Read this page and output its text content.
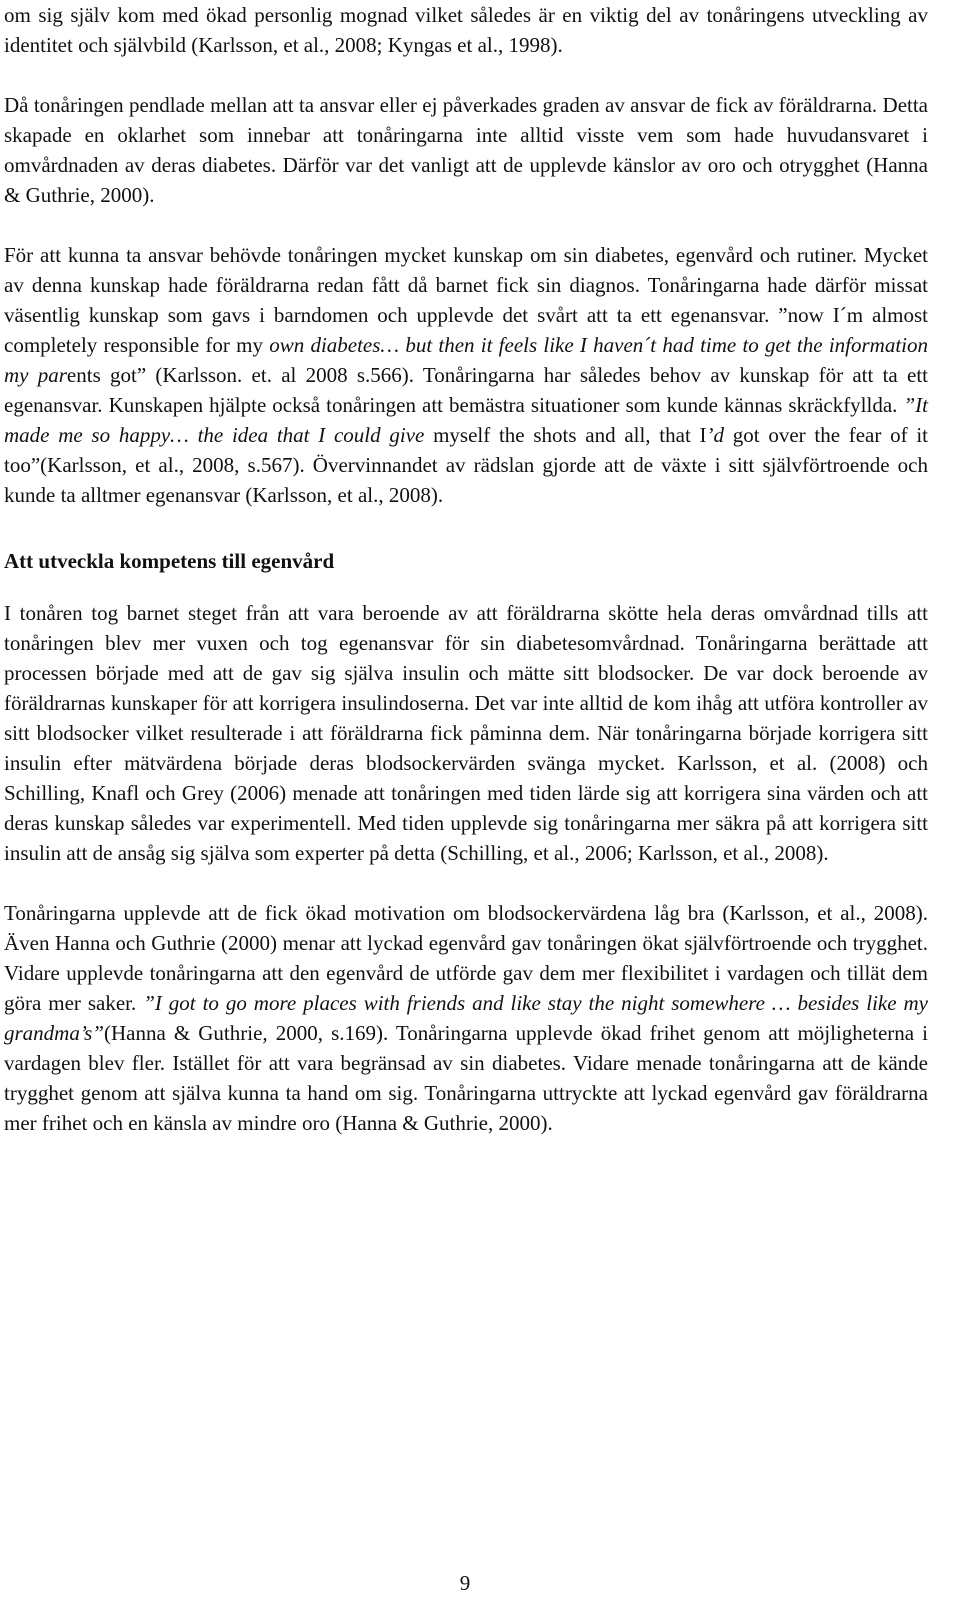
om sig själv kom med ökad personlig mognad vilket således är en viktig del av tonåringens utveckling av identitet och självbild (Karlsson, et al., 2008; Kyngas et al., 1998).

Då tonåringen pendlade mellan att ta ansvar eller ej påverkades graden av ansvar de fick av föräldrarna. Detta skapade en oklarhet som innebar att tonåringarna inte alltid visste vem som hade huvudansvaret i omvårdnaden av deras diabetes. Därför var det vanligt att de upplevde känslor av oro och otrygghet (Hanna & Guthrie, 2000).

För att kunna ta ansvar behövde tonåringen mycket kunskap om sin diabetes, egenvård och rutiner. Mycket av denna kunskap hade föräldrarna redan fått då barnet fick sin diagnos. Tonåringarna hade därför missat väsentlig kunskap som gavs i barndomen och upplevde det svårt att ta ett egenansvar. ”now I´m almost completely responsible for my own diabetes… but then it feels like I haven´t had time to get the information my parents got” (Karlsson. et. al 2008 s.566). Tonåringarna har således behov av kunskap för att ta ett egenansvar. Kunskapen hjälpte också tonåringen att bemästra situationer som kunde kännas skräckfyllda. ”It made me so happy… the idea that I could give myself the shots and all, that I’d got over the fear of it too”(Karlsson, et al., 2008, s.567). Övervinnandet av rädslan gjorde att de växte i sitt självförtroende och kunde ta alltmer egenansvar (Karlsson, et al., 2008).

Att utveckla kompetens till egenvård

I tonåren tog barnet steget från att vara beroende av att föräldrarna skötte hela deras omvårdnad tills att tonåringen blev mer vuxen och tog egenansvar för sin diabetesomvårdnad. Tonåringarna berättade att processen började med att de gav sig själva insulin och mätte sitt blodsocker. De var dock beroende av föräldrarnas kunskaper för att korrigera insulindoserna. Det var inte alltid de kom ihåg att utföra kontroller av sitt blodsocker vilket resulterade i att föräldrarna fick påminna dem. När tonåringarna började korrigera sitt insulin efter mätvärdena började deras blodsockervärden svänga mycket. Karlsson, et al. (2008) och Schilling, Knafl och Grey (2006) menade att tonåringen med tiden lärde sig att korrigera sina värden och att deras kunskap således var experimentell. Med tiden upplevde sig tonåringarna mer säkra på att korrigera sitt insulin att de ansåg sig själva som experter på detta (Schilling, et al., 2006; Karlsson, et al., 2008).

Tonåringarna upplevde att de fick ökad motivation om blodsockervärdena låg bra (Karlsson, et al., 2008). Även Hanna och Guthrie (2000) menar att lyckad egenvård gav tonåringen ökat självförtroende och trygghet. Vidare upplevde tonåringarna att den egenvård de utförde gav dem mer flexibilitet i vardagen och tillät dem göra mer saker. ”I got to go more places with friends and like stay the night somewhere … besides like my grandma’s”(Hanna & Guthrie, 2000, s.169). Tonåringarna upplevde ökad frihet genom att möjligheterna i vardagen blev fler. Istället för att vara begränsad av sin diabetes. Vidare menade tonåringarna att de kände trygghet genom att själva kunna ta hand om sig. Tonåringarna uttryckte att lyckad egenvård gav föräldrarna mer frihet och en känsla av mindre oro (Hanna & Guthrie, 2000).

9
